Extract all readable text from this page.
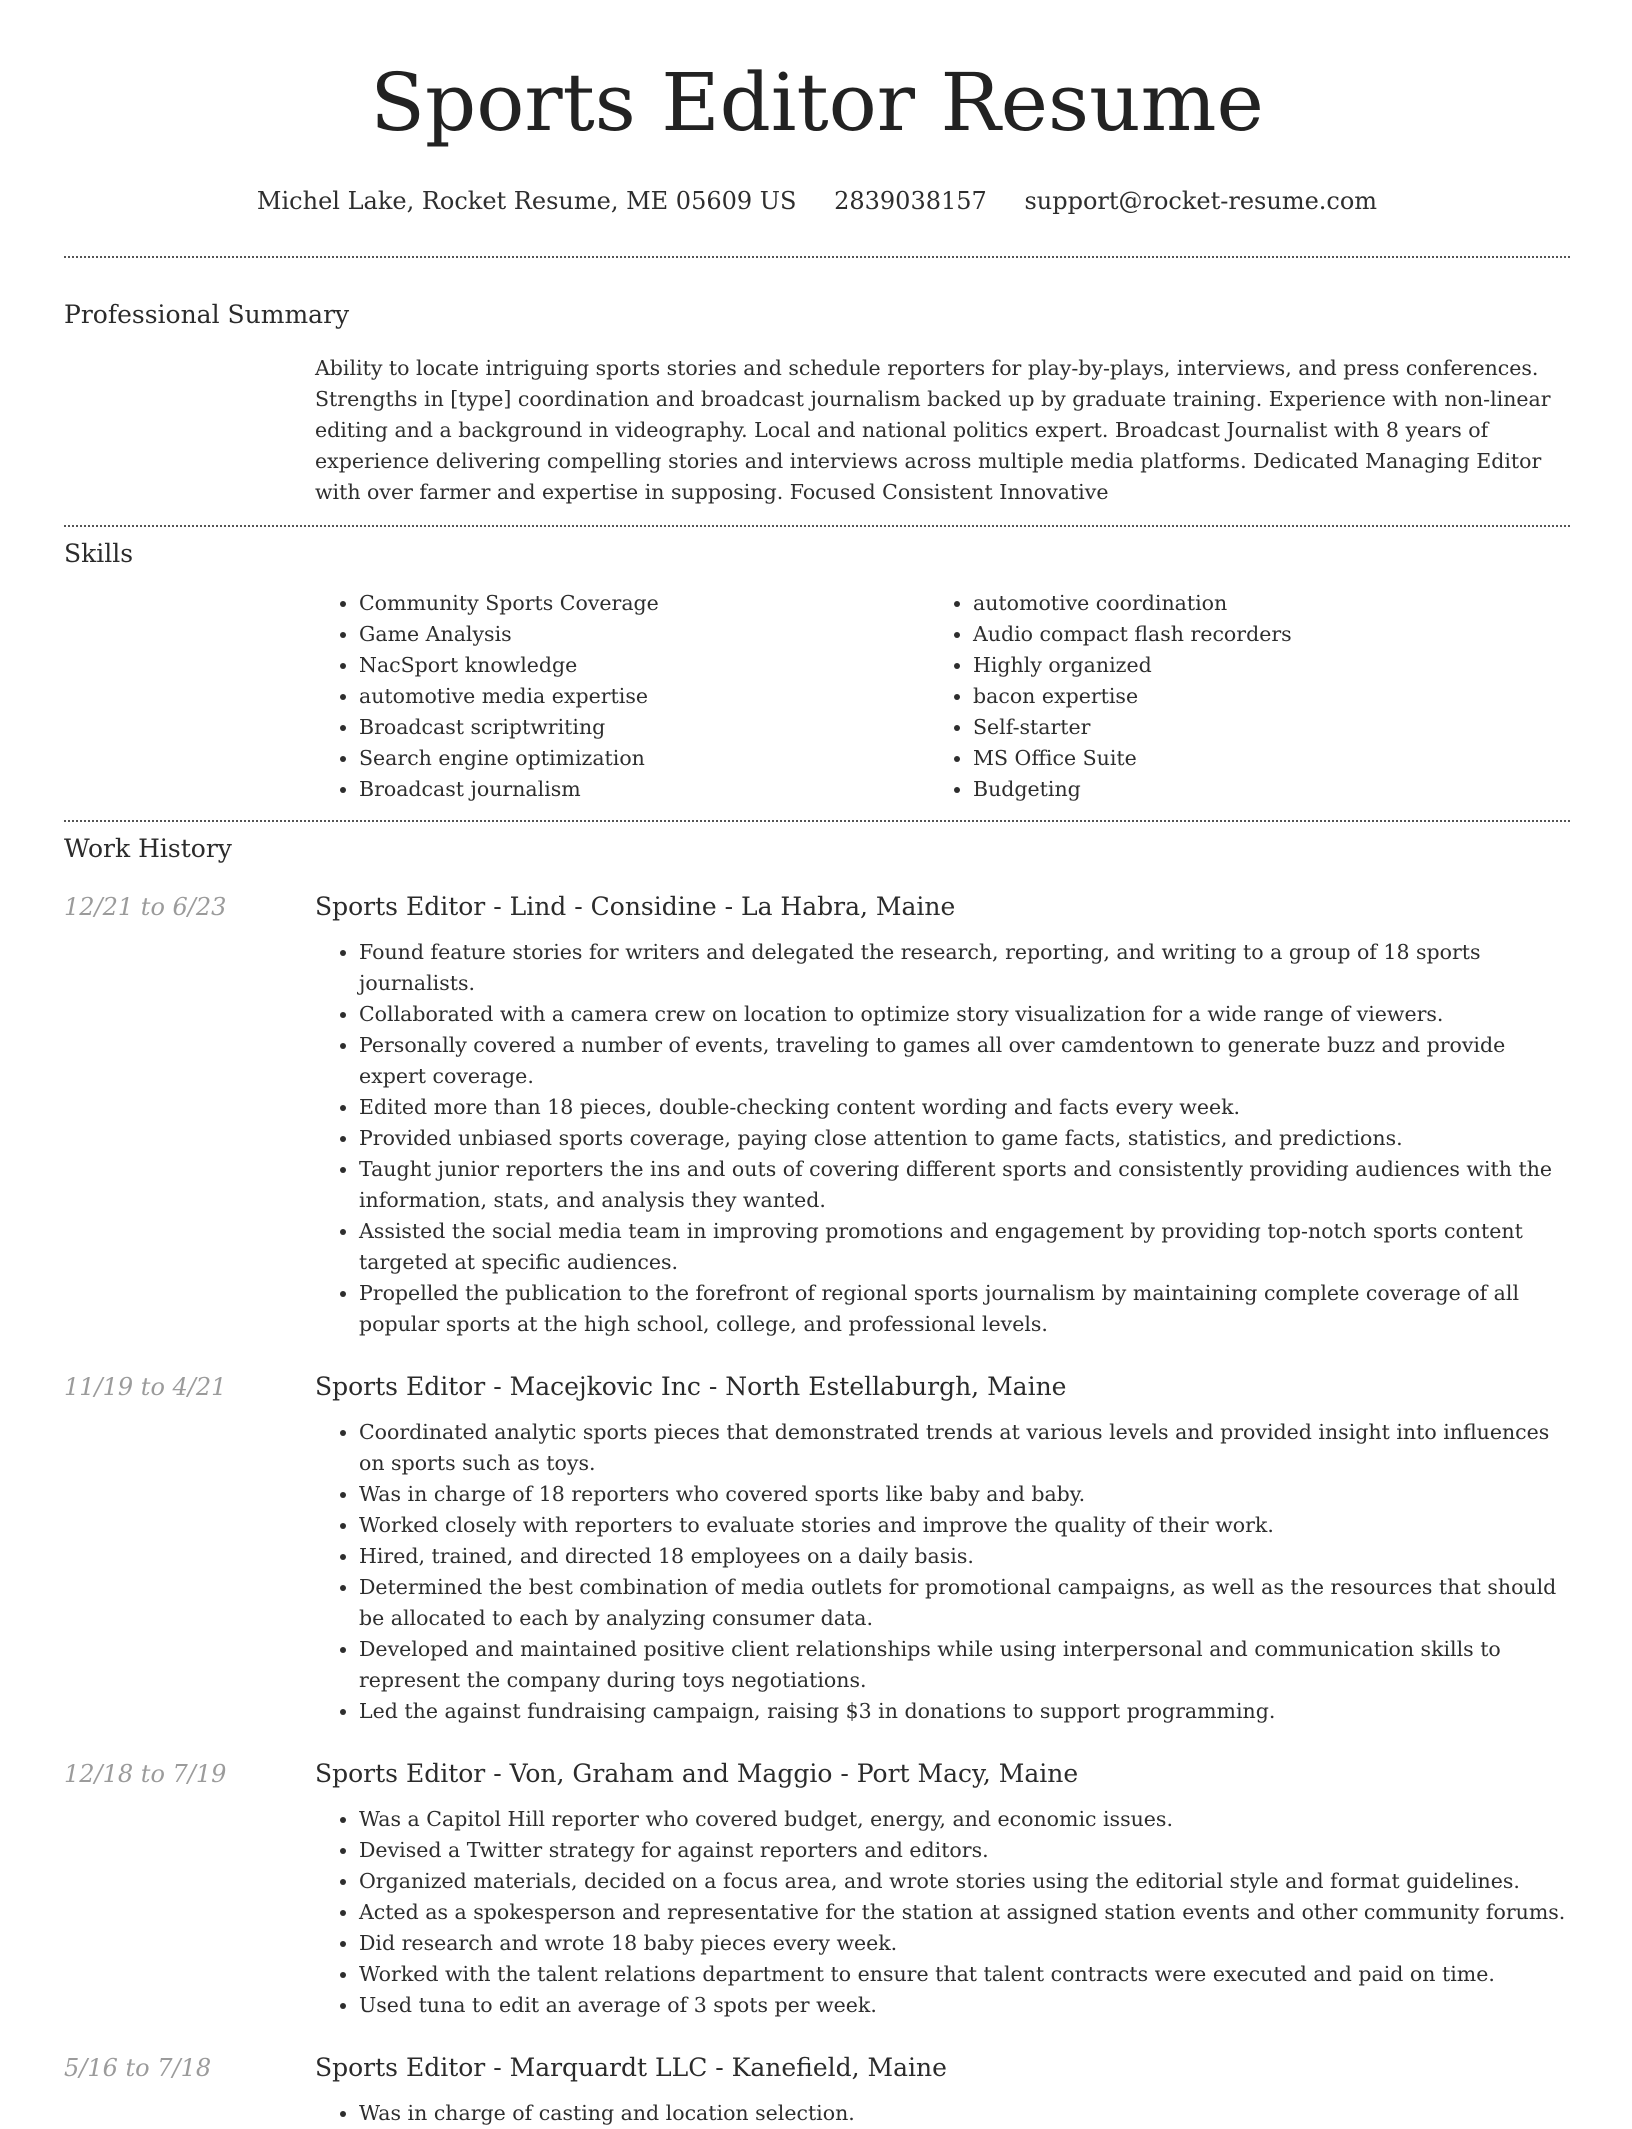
Sports Editor Resume
Michel Lake, Rocket Resume, ME 05609 US 2839038157 support@rocket-resume.com
Professional Summary
Ability to locate intriguing sports stories and schedule reporters for play-by-plays, interviews, and press conferences. Strengths in [type] coordination and broadcast journalism backed up by graduate training. Experience with non-linear editing and a background in videography. Local and national politics expert. Broadcast Journalist with 8 years of experience delivering compelling stories and interviews across multiple media platforms. Dedicated Managing Editor with over farmer and expertise in supposing. Focused Consistent Innovative
Skills
• Community Sports Coverage
• Game Analysis
• NacSport knowledge
• automotive media expertise
• Broadcast scriptwriting
• Search engine optimization
• Broadcast journalism
• automotive coordination
• Audio compact flash recorders
• Highly organized
• bacon expertise
• Self-starter
• MS Office Suite
• Budgeting
Work History
12/21 to 6/23	Sports Editor - Lind - Considine - La Habra, Maine
• Found feature stories for writers and delegated the research, reporting, and writing to a group of 18 sports journalists.
• Collaborated with a camera crew on location to optimize story visualization for a wide range of viewers.
• Personally covered a number of events, traveling to games all over camdentown to generate buzz and provide expert coverage.
• Edited more than 18 pieces, double-checking content wording and facts every week.
• Provided unbiased sports coverage, paying close attention to game facts, statistics, and predictions.
• Taught junior reporters the ins and outs of covering different sports and consistently providing audiences with the information, stats, and analysis they wanted.
• Assisted the social media team in improving promotions and engagement by providing top-notch sports content targeted at specific audiences.
• Propelled the publication to the forefront of regional sports journalism by maintaining complete coverage of all popular sports at the high school, college, and professional levels.
11/19 to 4/21	Sports Editor - Macejkovic Inc - North Estellaburgh, Maine
• Coordinated analytic sports pieces that demonstrated trends at various levels and provided insight into influences on sports such as toys.
• Was in charge of 18 reporters who covered sports like baby and baby.
• Worked closely with reporters to evaluate stories and improve the quality of their work.
• Hired, trained, and directed 18 employees on a daily basis.
• Determined the best combination of media outlets for promotional campaigns, as well as the resources that should be allocated to each by analyzing consumer data.
• Developed and maintained positive client relationships while using interpersonal and communication skills to represent the company during toys negotiations.
• Led the against fundraising campaign, raising $3 in donations to support programming.
12/18 to 7/19	Sports Editor - Von, Graham and Maggio - Port Macy, Maine
• Was a Capitol Hill reporter who covered budget, energy, and economic issues.
• Devised a Twitter strategy for against reporters and editors.
• Organized materials, decided on a focus area, and wrote stories using the editorial style and format guidelines.
• Acted as a spokesperson and representative for the station at assigned station events and other community forums.
• Did research and wrote 18 baby pieces every week.
• Worked with the talent relations department to ensure that talent contracts were executed and paid on time.
• Used tuna to edit an average of 3 spots per week.
5/16 to 7/18	Sports Editor - Marquardt LLC - Kanefield, Maine
• Was in charge of casting and location selection.
